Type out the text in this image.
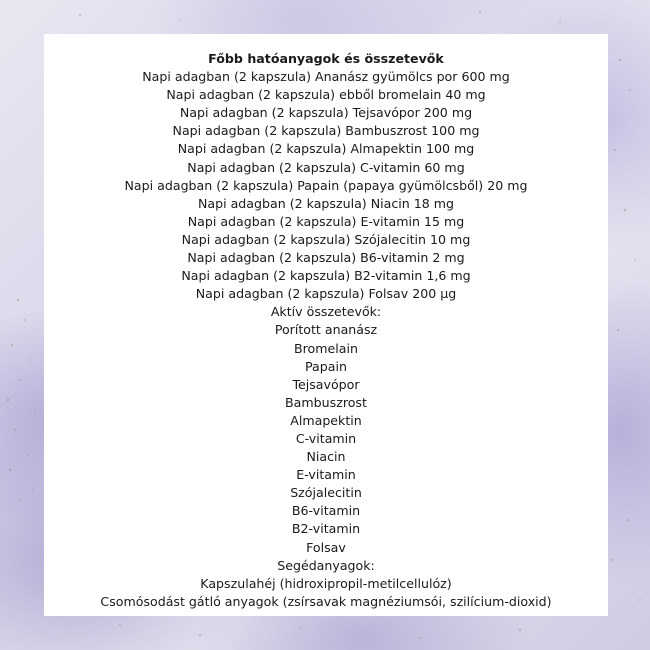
Főbb hatóanyagok és összetevők
Napi adagban (2 kapszula) Ananász gyümölcs por 600 mg
Napi adagban (2 kapszula) ebből bromelain 40 mg
Napi adagban (2 kapszula) Tejsavópor 200 mg
Napi adagban (2 kapszula) Bambuszrost 100 mg
Napi adagban (2 kapszula) Almapektin 100 mg
Napi adagban (2 kapszula) C-vitamin 60 mg
Napi adagban (2 kapszula) Papain (papaya gyümölcsből) 20 mg
Napi adagban (2 kapszula) Niacin 18 mg
Napi adagban (2 kapszula) E-vitamin 15 mg
Napi adagban (2 kapszula) Szójalecitin 10 mg
Napi adagban (2 kapszula) B6-vitamin 2 mg
Napi adagban (2 kapszula) B2-vitamin 1,6 mg
Napi adagban (2 kapszula) Folsav 200 µg
Aktív összetevők:
Porított ananász
Bromelain
Papain
Tejsavópor
Bambuszrost
Almapektin
C-vitamin
Niacin
E-vitamin
Szójalecitin
B6-vitamin
B2-vitamin
Folsav
Segédanyagok:
Kapszulahéj (hidroxipropil-metilcellulóz)
Csomósodást gátló anyagok (zsírsavak magnéziumsói, szilícium-dioxid)
